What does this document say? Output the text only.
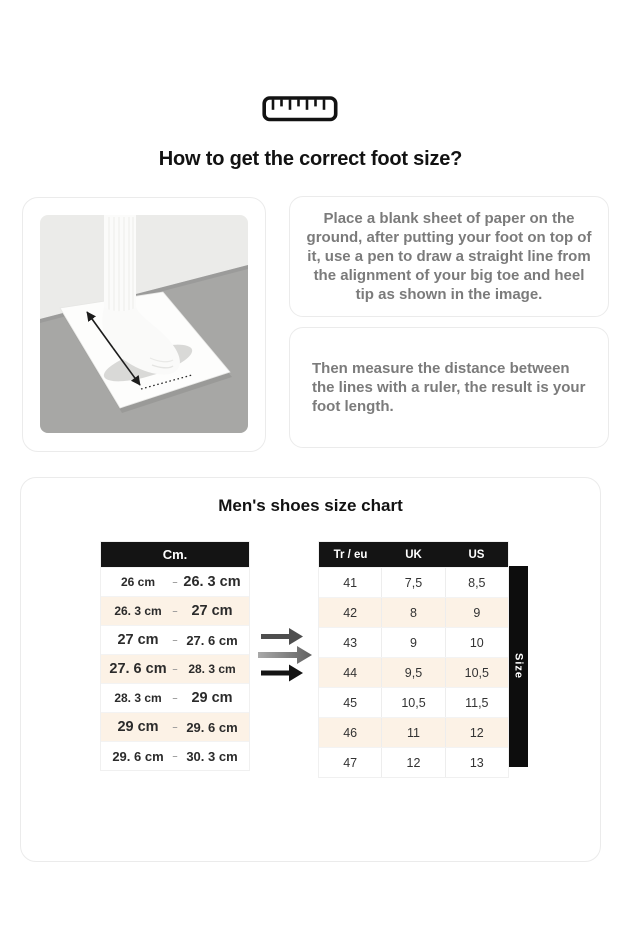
How to get the correct foot size?
Place a blank sheet of paper on the ground, after putting your foot on top of it, use a pen to draw a straight line from the alignment of your big toe and heel tip as shown in the image.
Then measure the distance between the lines with a ruler, the result is your foot length.
Men's shoes size chart
Cm.
26 cm	– 26. 3 cm
26. 3 cm	– 27 cm
27 cm	– 27. 6 cm
27. 6 cm – 28. 3 cm
28. 3 cm	– 29 cm
29 cm	– 29. 6 cm
29. 6 cm – 30. 3 cm
Tr / eu	UK	US
41	7,5	8,5
42	8	9
43	9	10
44	9,5	10,5
45	10,5	11,5
46	11	12
47	12	13
Size
